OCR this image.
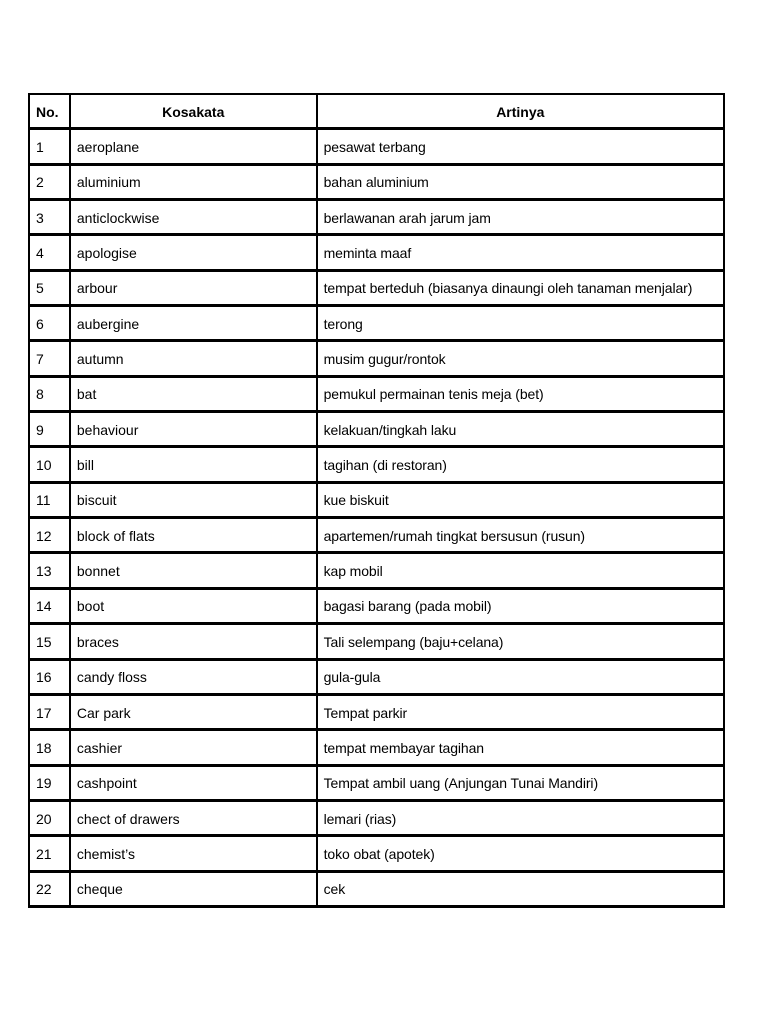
No.	Kosakata	Artinya
1	aeroplane	pesawat terbang
2	aluminium	bahan aluminium
3	anticlockwise	berlawanan arah jarum jam
4	apologise	meminta maaf
5	arbour	tempat berteduh (biasanya dinaungi oleh tanaman menjalar)
6	aubergine	terong
7	autumn	musim gugur/rontok
8	bat	pemukul permainan tenis meja (bet)
9	behaviour	kelakuan/tingkah laku
10	bill	tagihan (di restoran)
11	biscuit	kue biskuit
12	block of flats	apartemen/rumah tingkat bersusun (rusun)
13	bonnet	kap mobil
14	boot	bagasi barang (pada mobil)
15	braces	Tali selempang (baju+celana)
16	candy floss	gula-gula
17	Car park	Tempat parkir
18	cashier	tempat membayar tagihan
19	cashpoint	Tempat ambil uang (Anjungan Tunai Mandiri)
20	chect of drawers	lemari (rias)
21	chemist’s	toko obat (apotek)
22	cheque	cek
